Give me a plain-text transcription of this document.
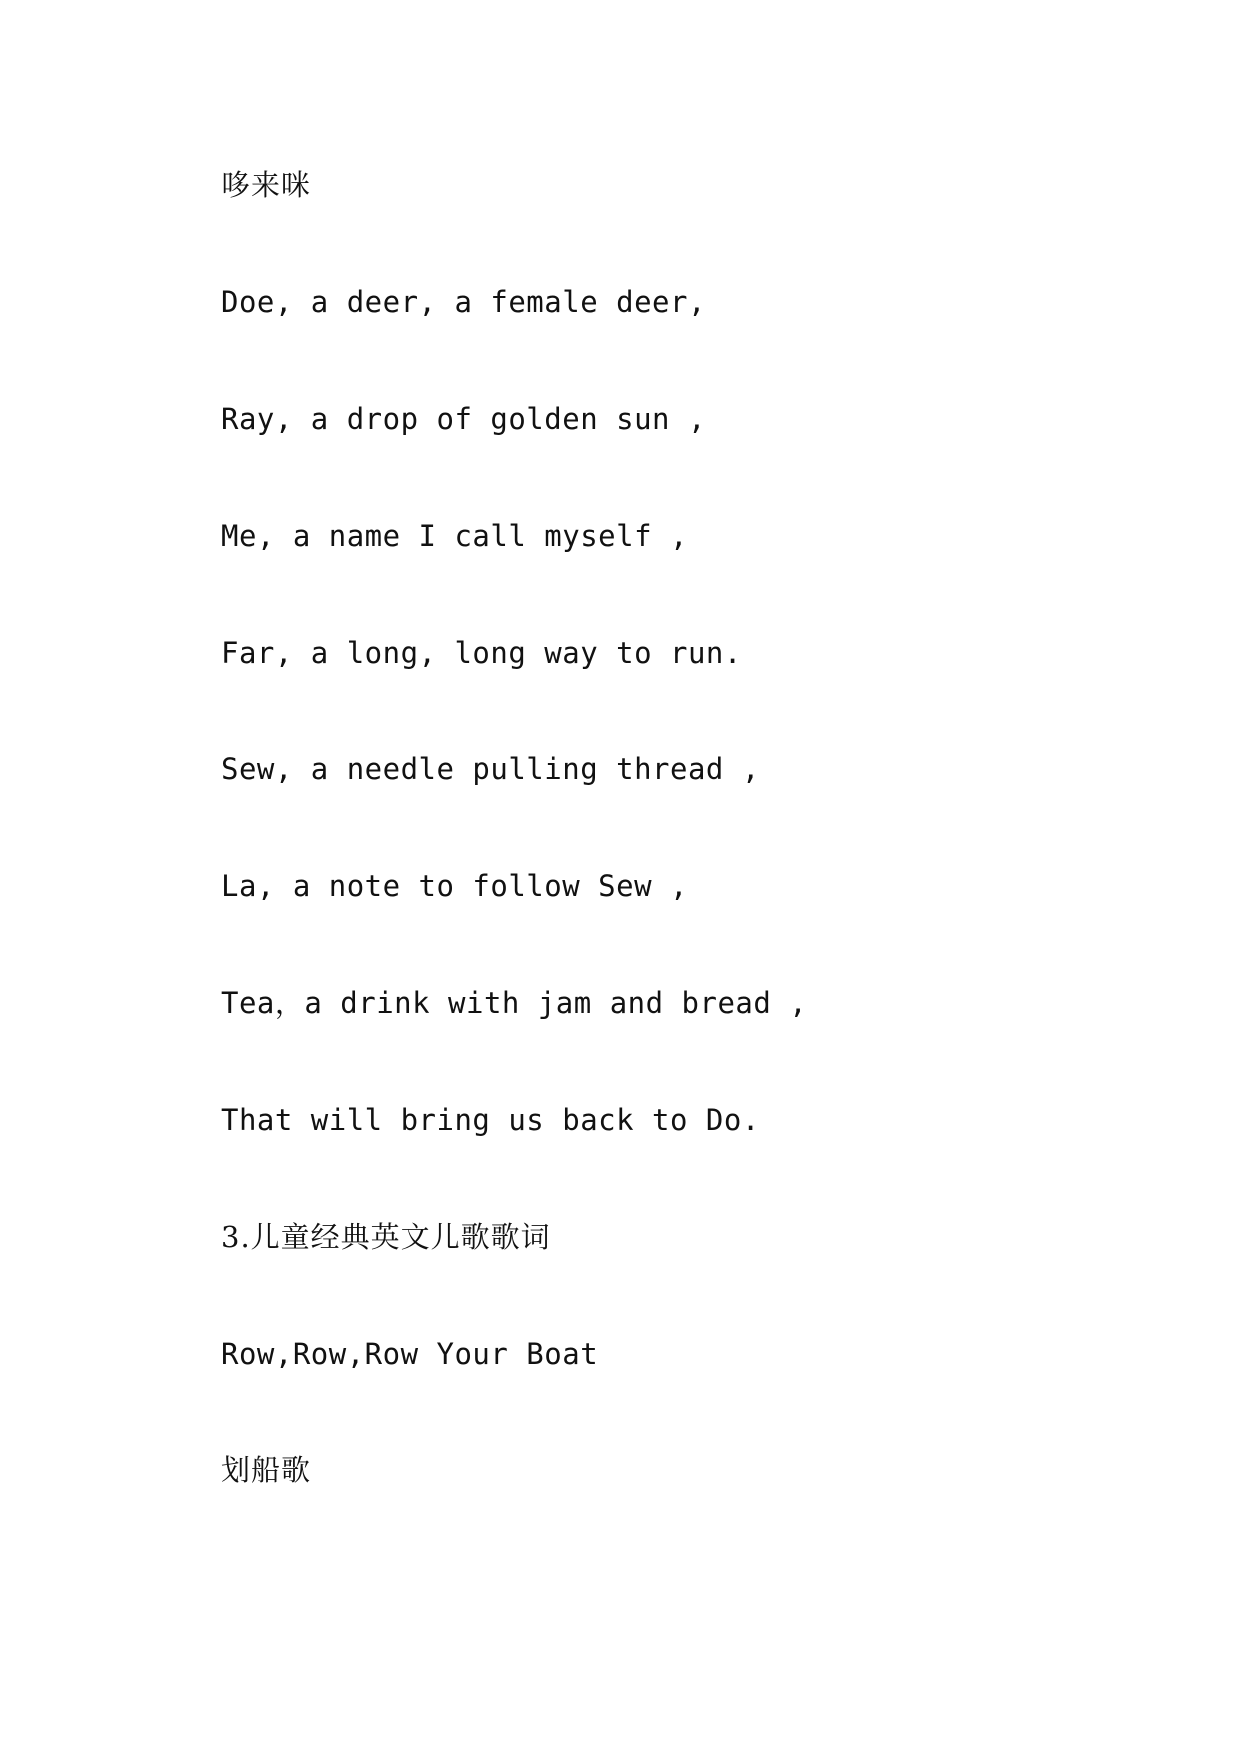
哆来咪

Doe, a deer, a female deer,

Ray, a drop of golden sun ,

Me, a name I call myself ,

Far, a long, long way to run.

Sew, a needle pulling thread ,

La, a note to follow Sew ,

Tea，a drink with jam and bread ,

That will bring us back to Do.

3.儿童经典英文儿歌歌词

Row,Row,Row Your Boat

划船歌
